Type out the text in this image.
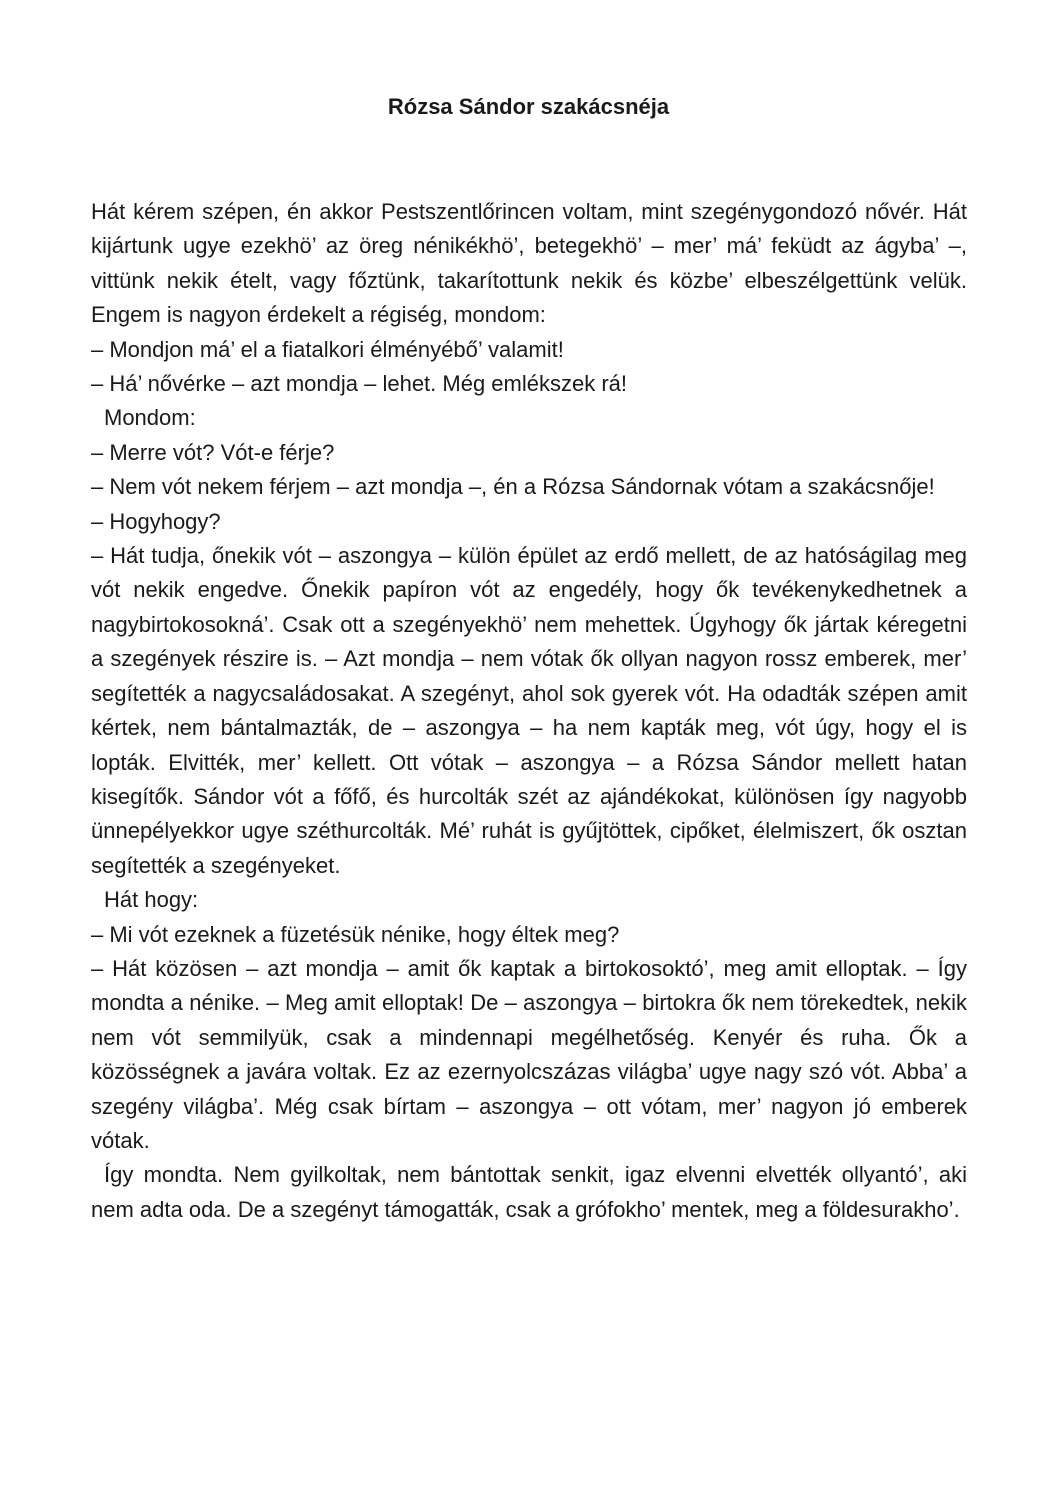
Rózsa Sándor szakácsnéja

Hát kérem szépen, én akkor Pestszentlőrincen voltam, mint szegénygondozó nővér. Hát kijártunk ugye ezekhö’ az öreg nénikékhö’, betegekhö’ – mer’ má’ feküdt az ágyba’ –, vittünk nekik ételt, vagy főztünk, takarítottunk nekik és közbe’ elbeszélgettünk velük. Engem is nagyon érdekelt a régiség, mondom:

– Mondjon má’ el a fiatalkori élményébő’ valamit!

– Há’ nővérke – azt mondja – lehet. Még emlékszek rá!

Mondom:

– Merre vót? Vót-e férje?

– Nem vót nekem férjem – azt mondja –, én a Rózsa Sándornak vótam a szakácsnője!

– Hogyhogy?

– Hát tudja, őnekik vót – aszongya – külön épület az erdő mellett, de az hatóságilag meg vót nekik engedve. Őnekik papíron vót az engedély, hogy ők tevékenykedhetnek a nagybirtokosokná’. Csak ott a szegényekhö’ nem mehettek. Úgyhogy ők jártak kéregetni a szegények részire is. – Azt mondja – nem vótak ők ollyan nagyon rossz emberek, mer’ segítették a nagycsaládosakat. A szegényt, ahol sok gyerek vót. Ha odadták szépen amit kértek, nem bántalmazták, de – aszongya – ha nem kapták meg, vót úgy, hogy el is lopták. Elvitték, mer’ kellett. Ott vótak – aszongya – a Rózsa Sándor mellett hatan kisegítők. Sándor vót a főfő, és hurcolták szét az ajándékokat, különösen így nagyobb ünnepélyekkor ugye széthurcolták. Mé’ ruhát is gyűjtöttek, cipőket, élelmiszert, ők osztan segítették a szegényeket.

Hát hogy:

– Mi vót ezeknek a füzetésük nénike, hogy éltek meg?

– Hát közösen – azt mondja – amit ők kaptak a birtokosoktó’, meg amit elloptak. – Így mondta a nénike. – Meg amit elloptak! De – aszongya – birtokra ők nem törekedtek, nekik nem vót semmilyük, csak a mindennapi megélhetőség. Kenyér és ruha. Ők a közösségnek a javára voltak. Ez az ezernyolcszázas világba’ ugye nagy szó vót. Abba’ a szegény világba’. Még csak bírtam – aszongya – ott vótam, mer’ nagyon jó emberek vótak.

Így mondta. Nem gyilkoltak, nem bántottak senkit, igaz elvenni elvették ollyantó’, aki nem adta oda. De a szegényt támogatták, csak a grófokho’ mentek, meg a földesurakho’.
